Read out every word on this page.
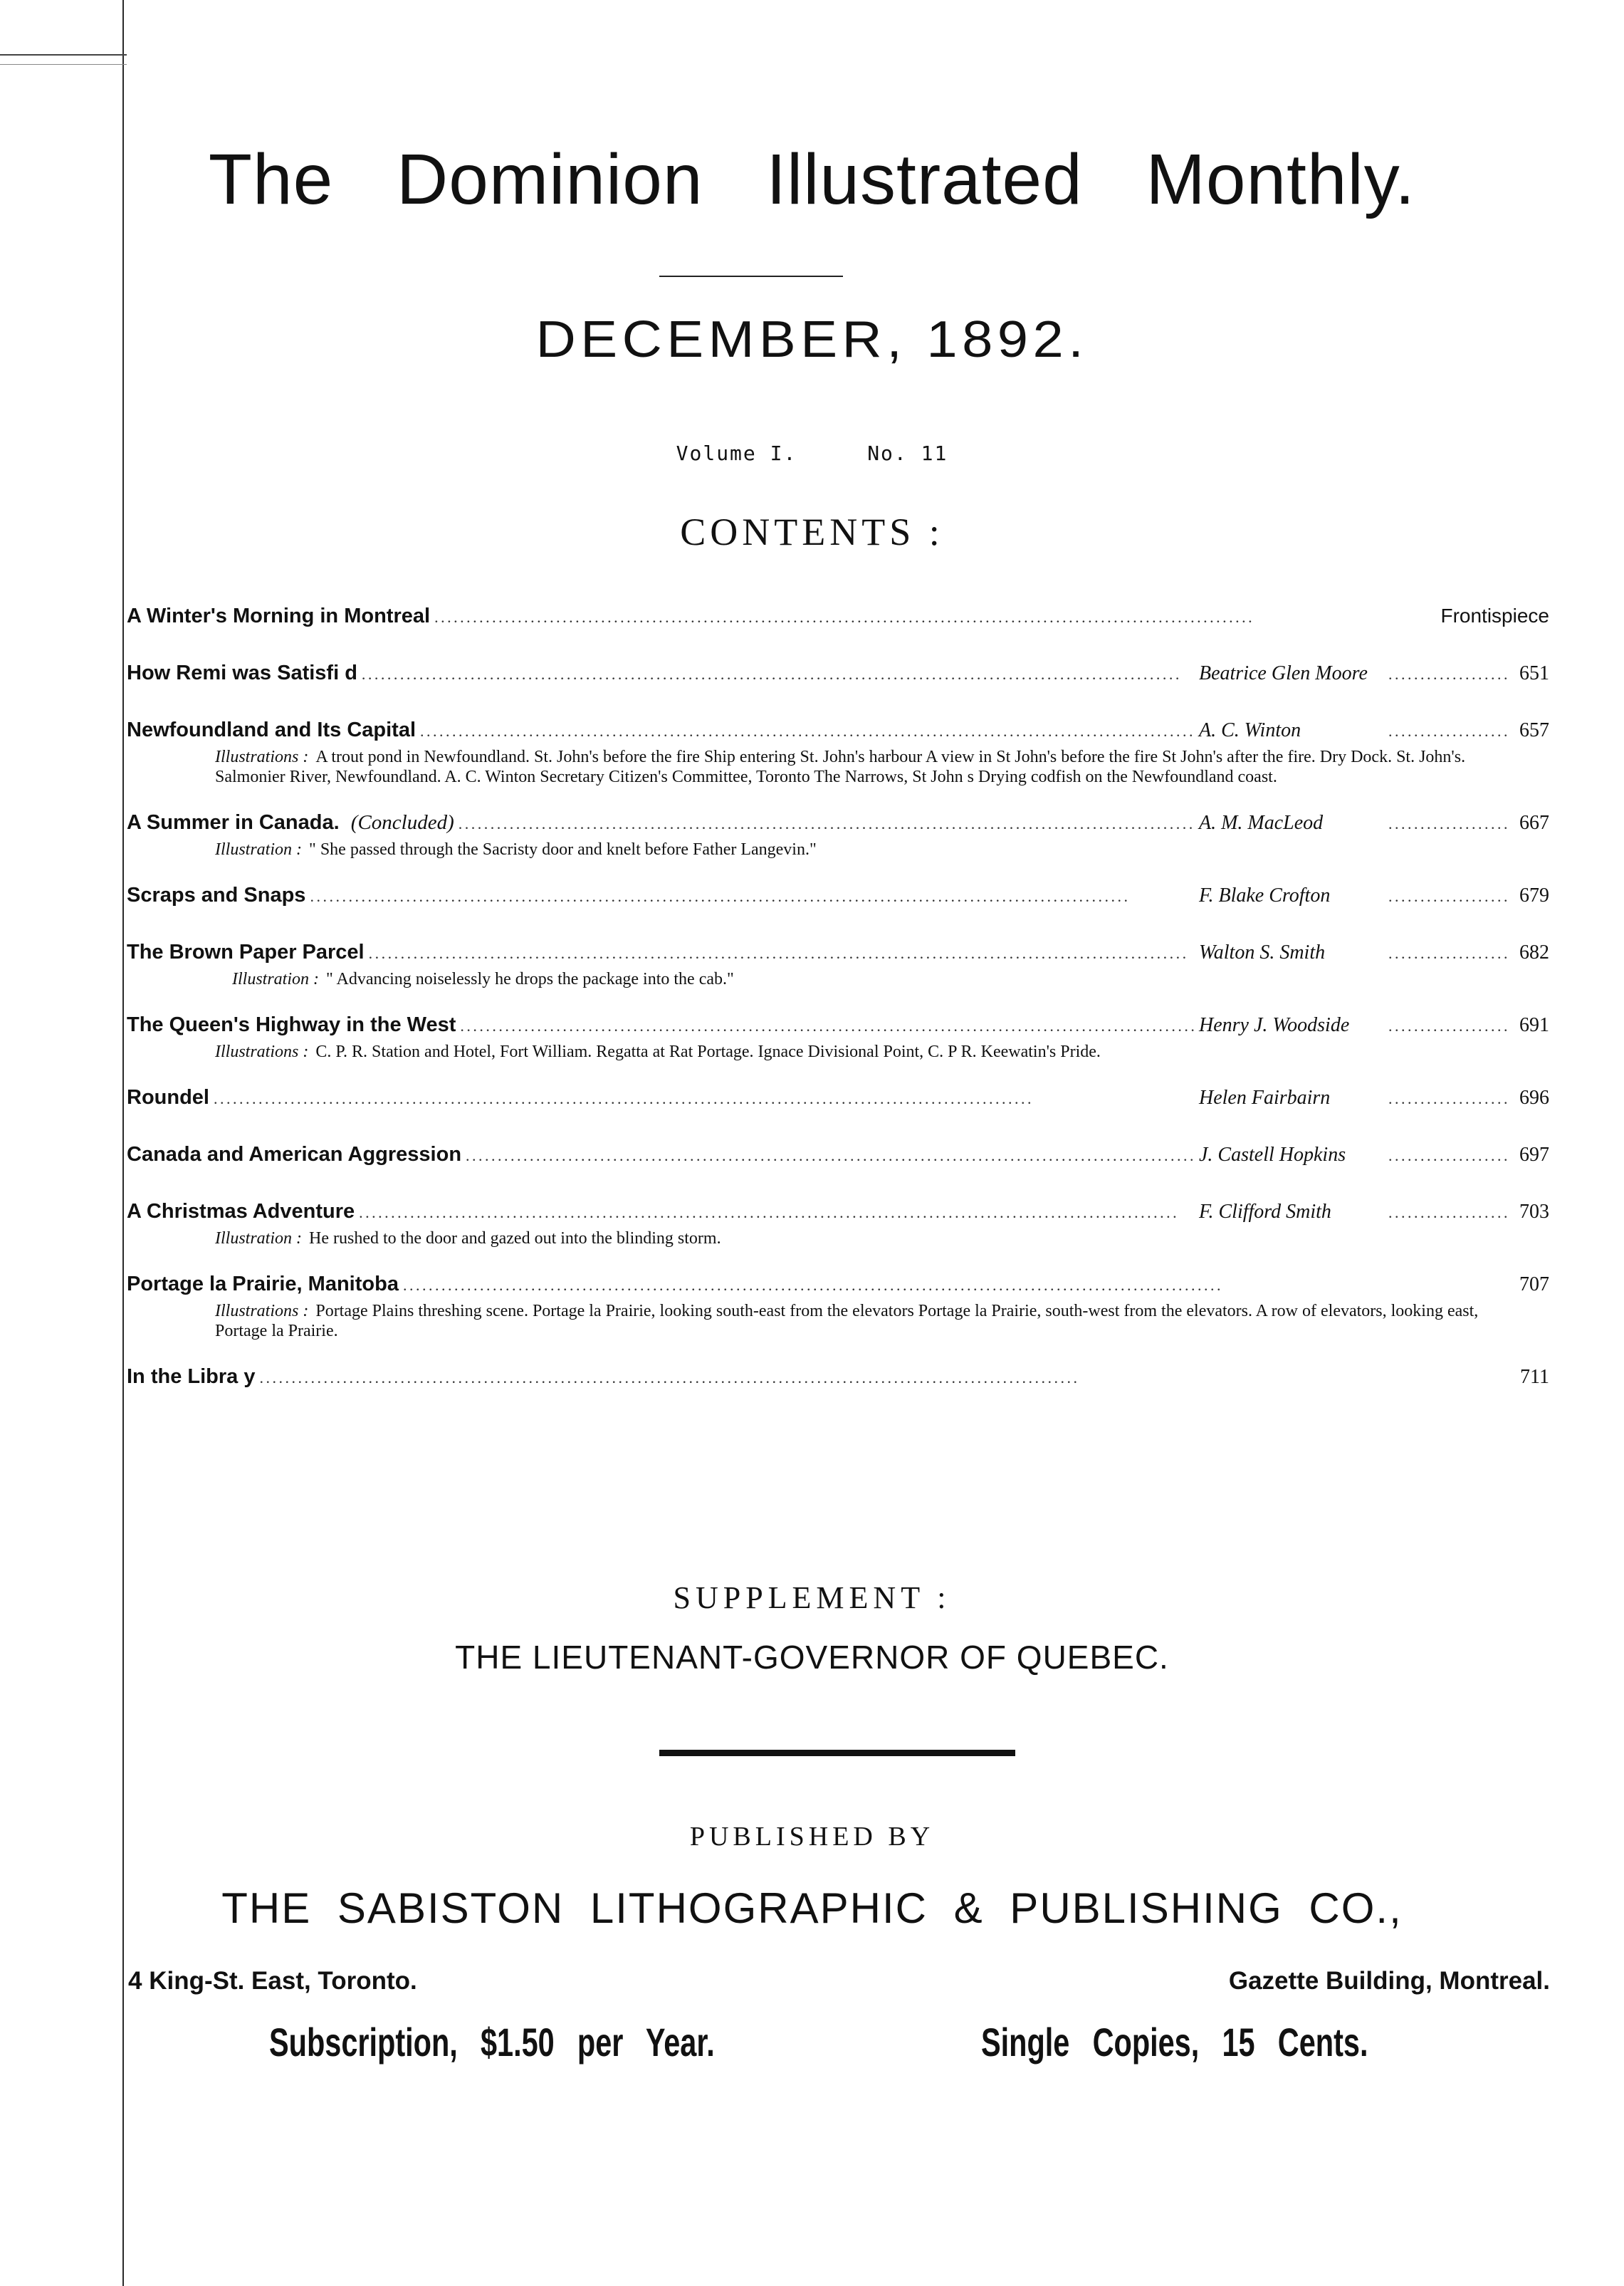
The Dominion Illustrated Monthly.
DECEMBER, 1892.
Volume I.	No. 11
CONTENTS :
A Winter's Morning in Montreal . . .	Frontispiece
How Remi was Satisfi d . . .	Beatrice Glen Moore . . .	651
Newfoundland and Its Capital . . .	A. C. Winton . . .	657
Illustrations : A trout pond in Newfoundland. St. John's before the fire Ship entering St. John's harbour A view in St John's before the fire St John's after the fire. Dry Dock. St. John's. Salmonier River, Newfoundland. A. C. Winton Secretary Citizen's Committee, Toronto The Narrows, St John s Drying codfish on the Newfoundland coast.
A Summer in Canada. (Concluded) . . .	A. M. MacLeod . . .	667
Illustration : " She passed through the Sacristy door and knelt before Father Langevin."
Scraps and Snaps . . .	F. Blake Crofton . . .	679
The Brown Paper Parcel . . .	Walton S. Smith . . .	682
Illustration : " Advancing noiselessly he drops the package into the cab."
The Queen's Highway in the West . . .	Henry J. Woodside . . .	691
Illustrations : C. P. R. Station and Hotel, Fort William. Regatta at Rat Portage. Ignace Divisional Point, C. P R. Keewatin's Pride.
Roundel . . .	Helen Fairbairn . . .	696
Canada and American Aggression . . .	J. Castell Hopkins . . .	697
A Christmas Adventure . . .	F. Clifford Smith . . .	703
Illustration : He rushed to the door and gazed out into the blinding storm.
Portage la Prairie, Manitoba . . .	707
Illustrations : Portage Plains threshing scene. Portage la Prairie, looking south-east from the elevators Portage la Prairie, south-west from the elevators. A row of elevators, looking east, Portage la Prairie.
In the Libra y . . .	711
SUPPLEMENT :
THE LIEUTENANT-GOVERNOR OF QUEBEC.
PUBLISHED BY
THE SABISTON LITHOGRAPHIC & PUBLISHING CO.,
4 King-St. East, Toronto.	Gazette Building, Montreal.
Subscription, $1.50 per Year.	Single Copies, 15 Cents.
